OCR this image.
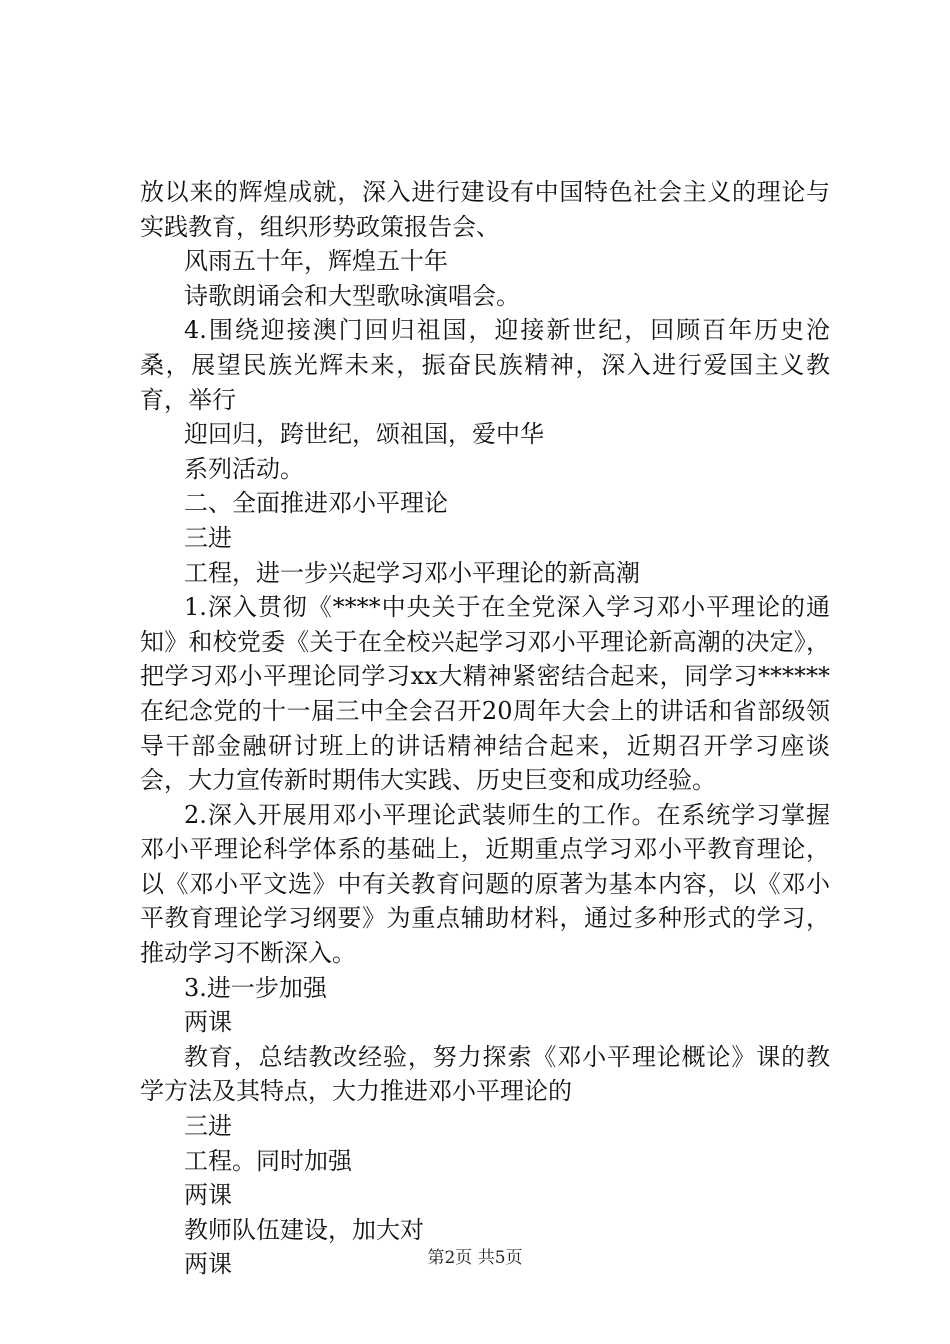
放以来的辉煌成就，深入进行建设有中国特色社会主义的理论与实践教育，组织形势政策报告会、

风雨五十年，辉煌五十年

诗歌朗诵会和大型歌咏演唱会。

4.围绕迎接澳门回归祖国，迎接新世纪，回顾百年历史沧桑，展望民族光辉未来，振奋民族精神，深入进行爱国主义教育，举行

迎回归，跨世纪，颂祖国，爱中华

系列活动。

二、全面推进邓小平理论

三进

工程，进一步兴起学习邓小平理论的新高潮

1.深入贯彻《****中央关于在全党深入学习邓小平理论的通知》和校党委《关于在全校兴起学习邓小平理论新高潮的决定》，把学习邓小平理论同学习xx大精神紧密结合起来，同学习******在纪念党的十一届三中全会召开20周年大会上的讲话和省部级领导干部金融研讨班上的讲话精神结合起来，近期召开学习座谈会，大力宣传新时期伟大实践、历史巨变和成功经验。

2.深入开展用邓小平理论武装师生的工作。在系统学习掌握邓小平理论科学体系的基础上，近期重点学习邓小平教育理论，以《邓小平文选》中有关教育问题的原著为基本内容，以《邓小平教育理论学习纲要》为重点辅助材料，通过多种形式的学习，推动学习不断深入。

3.进一步加强

两课

教育，总结教改经验，努力探索《邓小平理论概论》课的教学方法及其特点，大力推进邓小平理论的

三进

工程。同时加强

两课

教师队伍建设，加大对

两课	第2页 共5页
